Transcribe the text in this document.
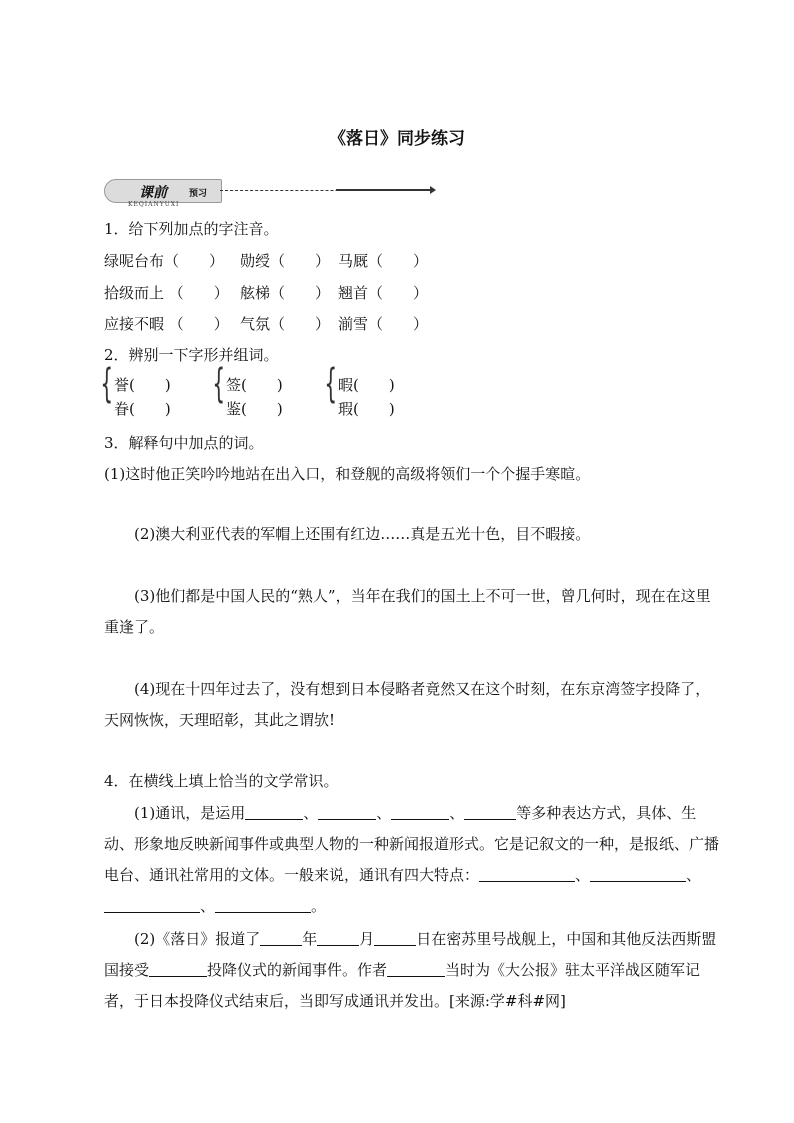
《落日》同步练习
课前 预习
KEQIANYUXI
1．给下列加点的字注音。
绿呢台布（　　） 勋绶（　　） 马厩（　　）
拾级而上 （　　） 舷梯（　　） 翘首（　　）
应接不暇 （　　） 气氛（　　） 湔雪（　　）
2．辨别一下字形并组词。
{ 誉(　　)
眷(　　)
{ 签(　　)
鉴(　　)
{ 暇(　　)
瑕(　　)
3．解释句中加点的词。
(1)这时他正笑吟吟地站在出入口，和登舰的高级将领们一个个握手寒暄。
(2)澳大利亚代表的军帽上还围有红边……真是五光十色，目不暇接。
(3)他们都是中国人民的“熟人”，当年在我们的国土上不可一世，曾几何时，现在在这里重逢了。
(4)现在十四年过去了，没有想到日本侵略者竟然又在这个时刻，在东京湾签字投降了，天网恢恢，天理昭彰，其此之谓欤!
4．在横线上填上恰当的文学常识。
(1)通讯，是运用	、	、	、	等多种表达方式，具体、生动、形象地反映新闻事件或典型人物的一种新闻报道形式。它是记叙文的一种，是报纸、广播电台、通讯社常用的文体。一般来说，通讯有四大特点：	、	、、	。
(2)《落日》报道了	年	月	日在密苏里号战舰上，中国和其他反法西斯盟国接受	投降仪式的新闻事件。作者	当时为《大公报》驻太平洋战区随军记者，于日本投降仪式结束后，当即写成通讯并发出。[来源:学#科#网]
